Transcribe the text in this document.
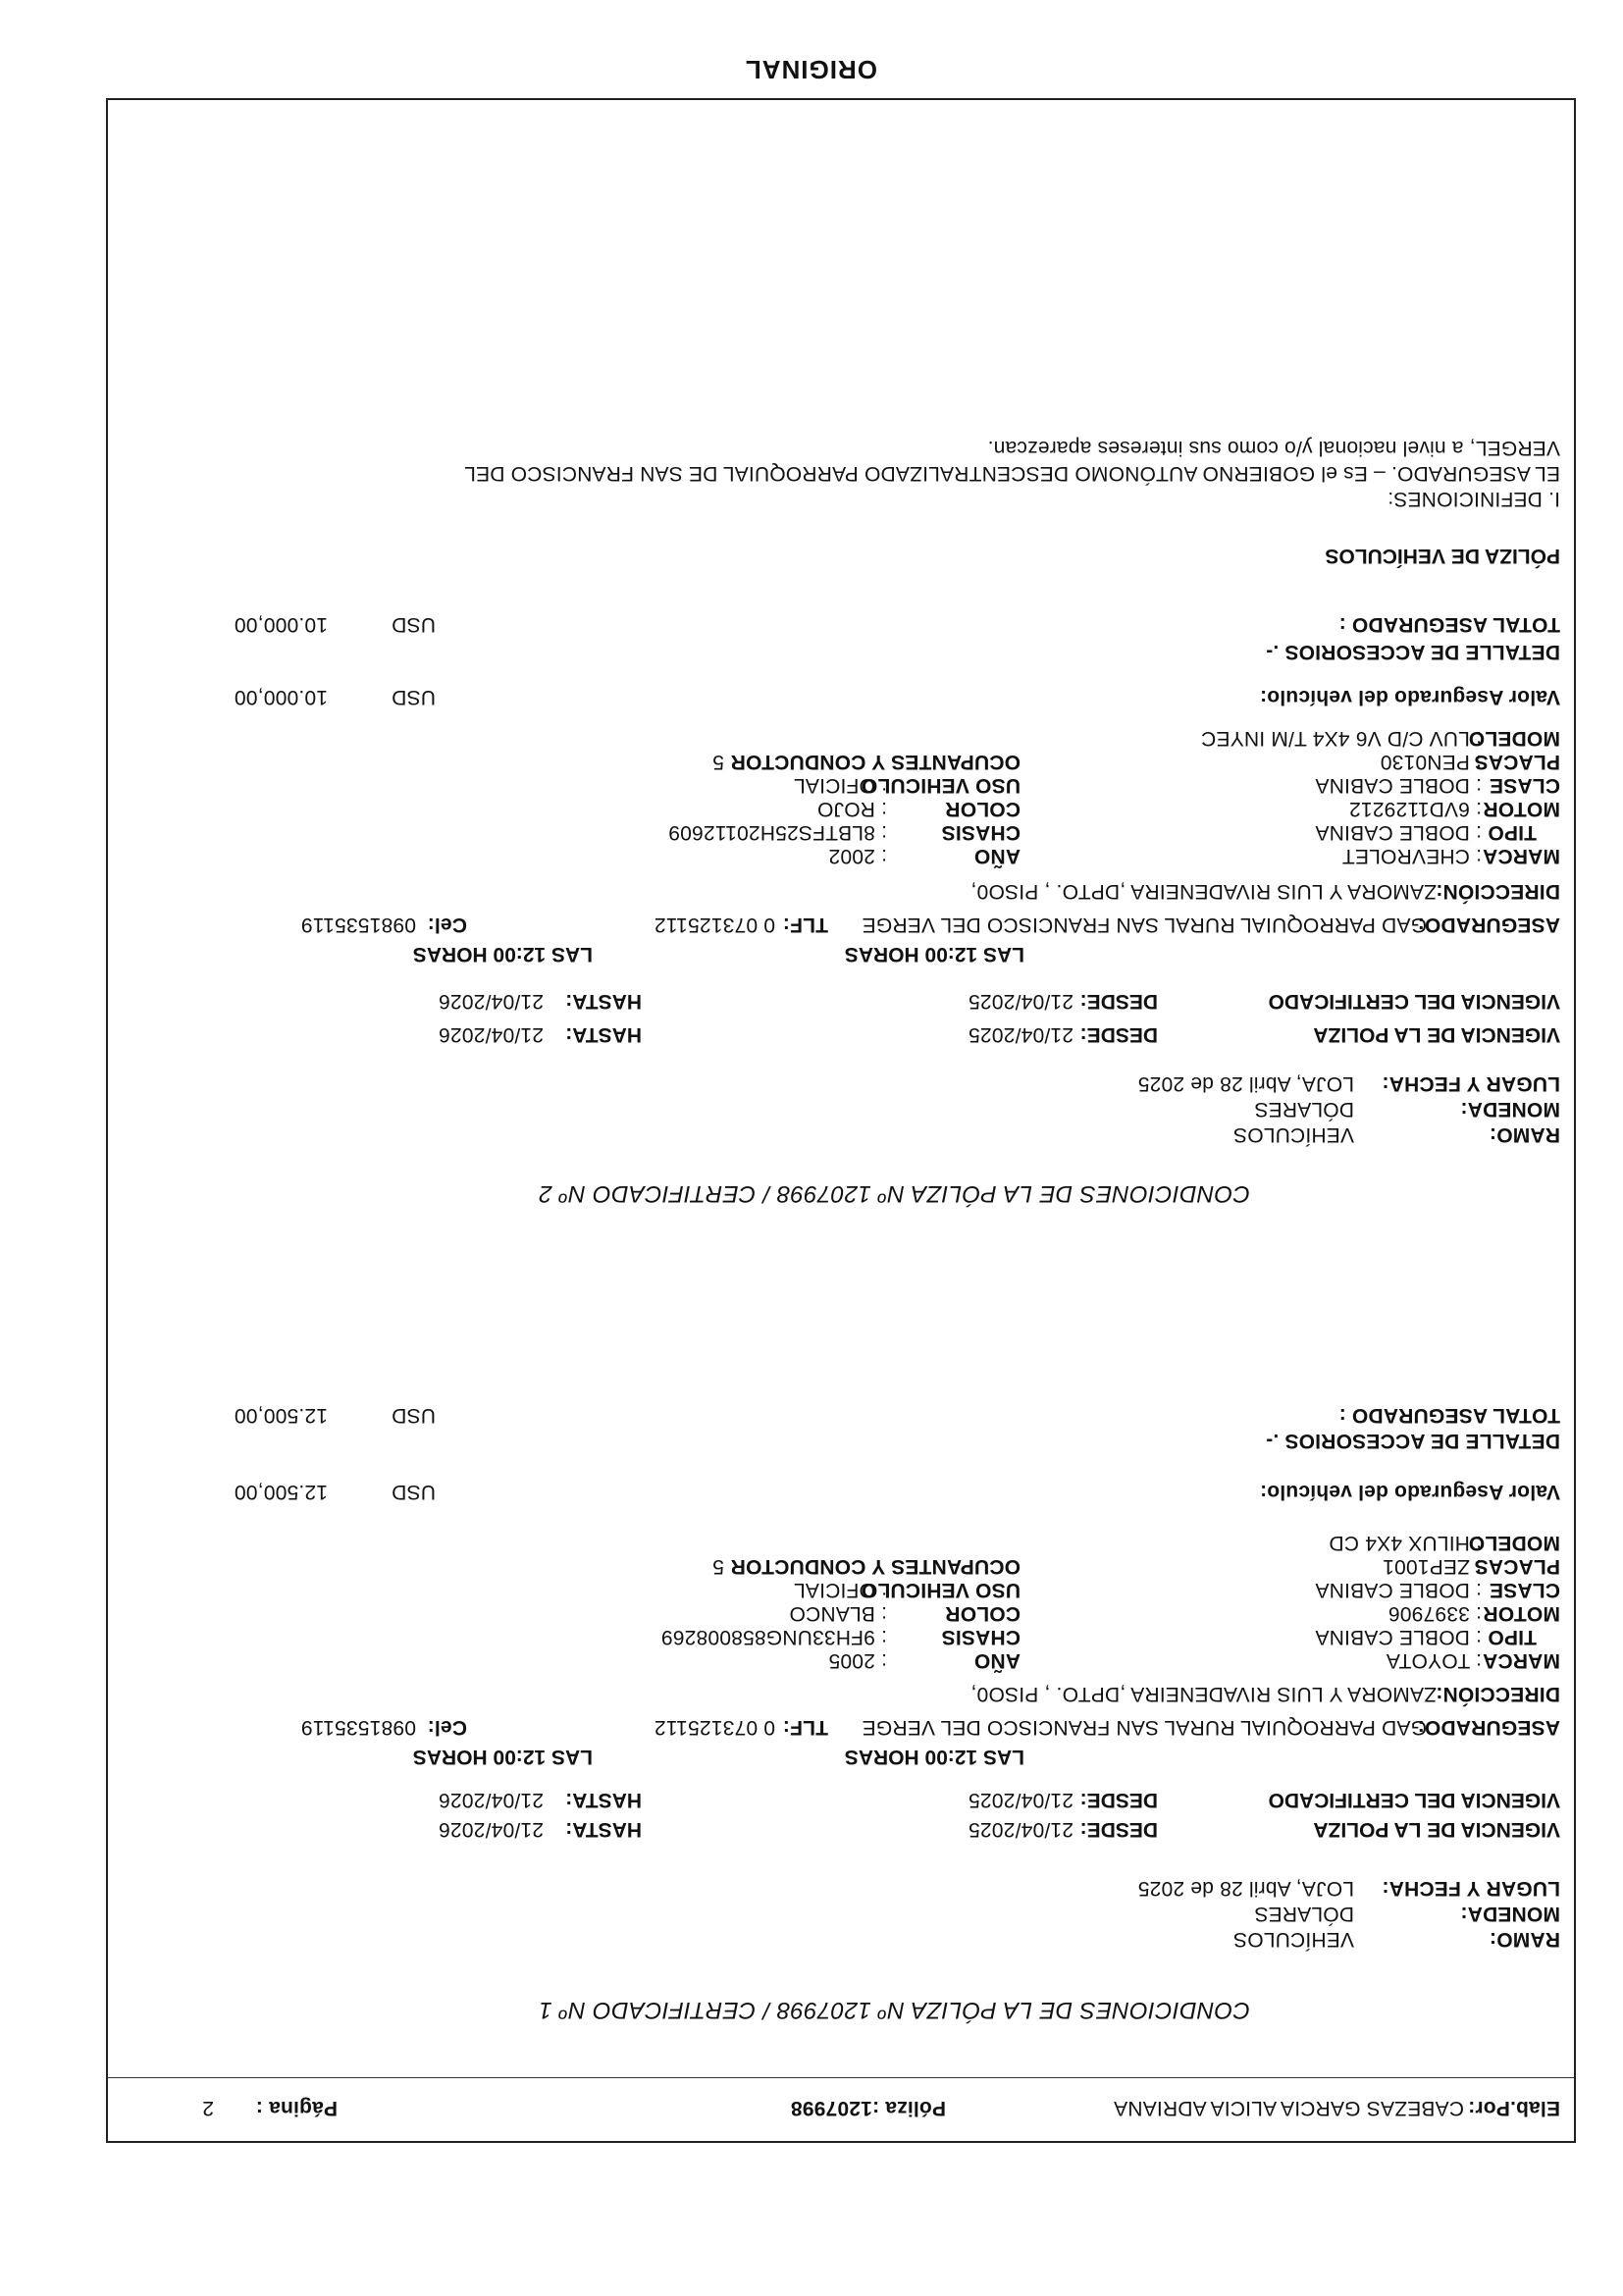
Elab.Por:
CABEZAS GARCIA ALICIA ADRIANA
Póliza :1207998
Página :
2
CONDICIONES DE LA PÓLIZA Nº 1207998 / CERTIFICADO Nº 1
RAMO:
VEHÍCULOS
MONEDA:
DÓLARES
LUGAR Y FECHA:
LOJA, Abril 28 de 2025
VIGENCIA DE LA POLIZA
DESDE:
21/04/2025
HASTA:
21/04/2026
VIGENCIA DEL CERTIFICADO
DESDE:
21/04/2025
HASTA:
21/04/2026
LAS 12:00 HORAS
LAS 12:00 HORAS
ASEGURADO:
GAD PARROQUIAL RURAL SAN FRANCISCO DEL VERGE
TLF:
0 073125112
Cel:
0981535119
DIRECCIÓN:
ZAMORA Y LUIS RIVADENEIRA ,DPTO. , PISO0,
MARCA
: TOYOTA
AÑO
: 2005
TIPO
: DOBLE CABINA
CHASIS
: 9FH33UNG858008269
MOTOR
: 3397906
COLOR
: BLANCO
CLASE
: DOBLE CABINA
USO VEHICULO
: OFICIAL
PLACAS
: ZEP1001
OCUPANTES Y CONDUCTOR
: 5
MODELO
: HILUX 4X4 CD
Valor Asegurado del vehículo:
USD
12.500,00
DETALLE DE ACCESORIOS .-
TOTAL ASEGURADO :
USD
12.500,00
CONDICIONES DE LA PÓLIZA Nº 1207998 / CERTIFICADO Nº 2
RAMO:
VEHÍCULOS
MONEDA:
DÓLARES
LUGAR Y FECHA:
LOJA, Abril 28 de 2025
VIGENCIA DE LA POLIZA
DESDE:
21/04/2025
HASTA:
21/04/2026
VIGENCIA DEL CERTIFICADO
DESDE:
21/04/2025
HASTA:
21/04/2026
LAS 12:00 HORAS
LAS 12:00 HORAS
ASEGURADO:
GAD PARROQUIAL RURAL SAN FRANCISCO DEL VERGE
TLF:
0 073125112
Cel:
0981535119
DIRECCIÓN:
ZAMORA Y LUIS RIVADENEIRA ,DPTO. , PISO0,
MARCA
: CHEVROLET
AÑO
: 2002
TIPO
: DOBLE CABINA
CHASIS
: 8LBTFS25H20112609
MOTOR
: 6VD1129212
COLOR
: ROJO
CLASE
: DOBLE CABINA
USO VEHICULO
: OFICIAL
PLACAS
: PEN0130
OCUPANTES Y CONDUCTOR
: 5
MODELO
: LUV C/D V6 4X4 T/M INYEC
Valor Asegurado del vehículo:
USD
10.000,00
DETALLE DE ACCESORIOS .-
TOTAL ASEGURADO :
USD
10.000,00
PÓLIZA DE VEHÍCULOS
I. DEFINICIONES:
EL ASEGURADO. – Es el GOBIERNO AUTÓNOMO DESCENTRALIZADO PARROQUIAL DE SAN FRANCISCO DEL
VERGEL, a nivel nacional y/o como sus intereses aparezcan.
ORIGINAL
